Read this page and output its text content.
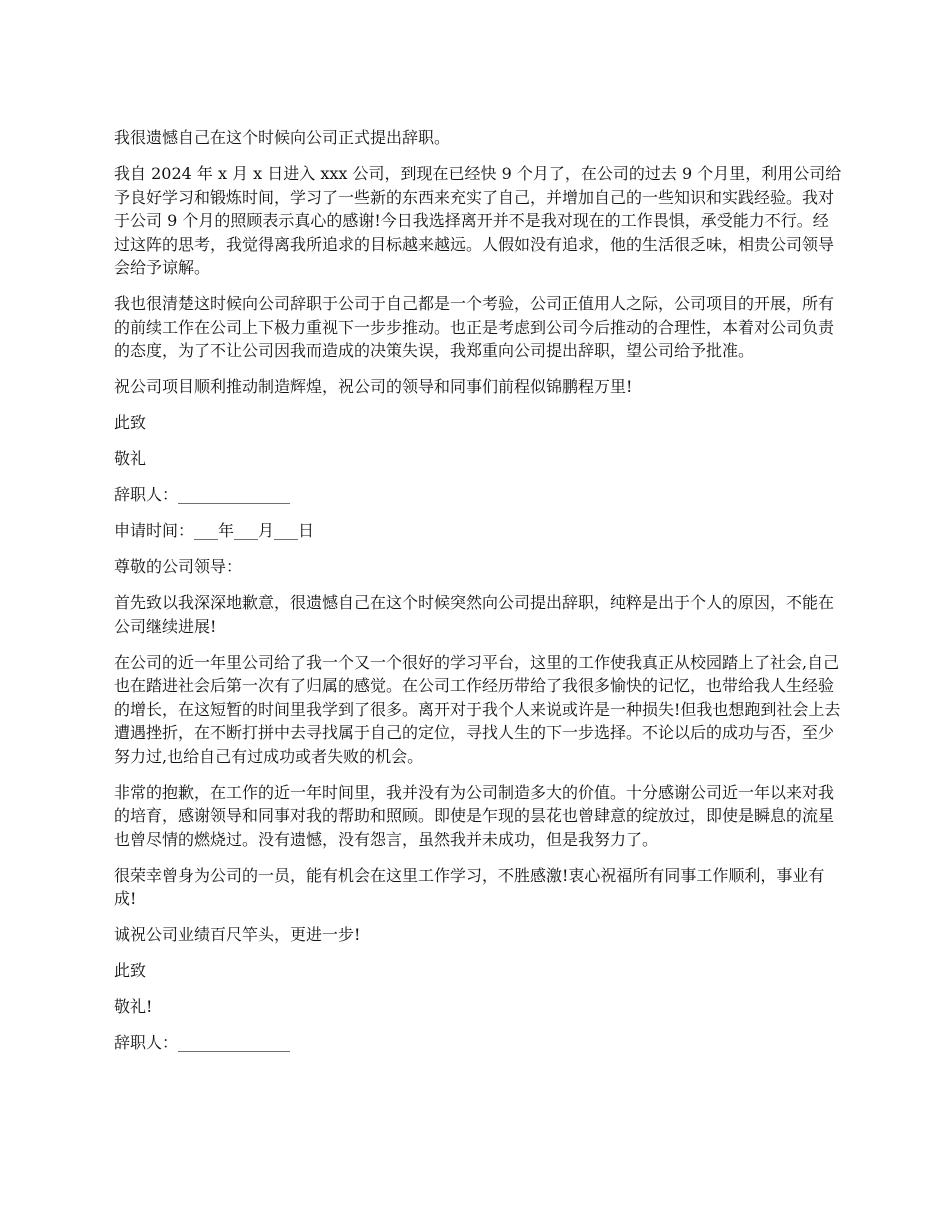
我很遗憾自己在这个时候向公司正式提出辞职。

我自 2024 年 x 月 x 日进入 xxx 公司，到现在已经快 9 个月了，在公司的过去 9 个月里，利用公司给予良好学习和锻炼时间，学习了一些新的东西来充实了自己，并增加自己的一些知识和实践经验。我对于公司 9 个月的照顾表示真心的感谢!今日我选择离开并不是我对现在的工作畏惧，承受能力不行。经过这阵的思考，我觉得离我所追求的目标越来越远。人假如没有追求，他的生活很乏味，相贵公司领导会给予谅解。

我也很清楚这时候向公司辞职于公司于自己都是一个考验，公司正值用人之际，公司项目的开展，所有的前续工作在公司上下极力重视下一步步推动。也正是考虑到公司今后推动的合理性，本着对公司负责的态度，为了不让公司因我而造成的决策失误，我郑重向公司提出辞职，望公司给予批准。

祝公司项目顺利推动制造辉煌，祝公司的领导和同事们前程似锦鹏程万里!

此致

敬礼

辞职人：______________

申请时间：___年___月___日

尊敬的公司领导：

首先致以我深深地歉意，很遗憾自己在这个时候突然向公司提出辞职，纯粹是出于个人的原因，不能在公司继续进展!

在公司的近一年里公司给了我一个又一个很好的学习平台，这里的工作使我真正从校园踏上了社会,自己也在踏进社会后第一次有了归属的感觉。在公司工作经历带给了我很多愉快的记忆，也带给我人生经验的增长，在这短暂的时间里我学到了很多。离开对于我个人来说或许是一种损失!但我也想跑到社会上去遭遇挫折，在不断打拼中去寻找属于自己的定位，寻找人生的下一步选择。不论以后的成功与否，至少努力过,也给自己有过成功或者失败的机会。

非常的抱歉，在工作的近一年时间里，我并没有为公司制造多大的价值。十分感谢公司近一年以来对我的培育，感谢领导和同事对我的帮助和照顾。即使是乍现的昙花也曾肆意的绽放过，即使是瞬息的流星也曾尽情的燃烧过。没有遗憾，没有怨言，虽然我并未成功，但是我努力了。

很荣幸曾身为公司的一员，能有机会在这里工作学习，不胜感激!衷心祝福所有同事工作顺利，事业有成!

诚祝公司业绩百尺竿头，更进一步!

此致

敬礼!

辞职人：______________
